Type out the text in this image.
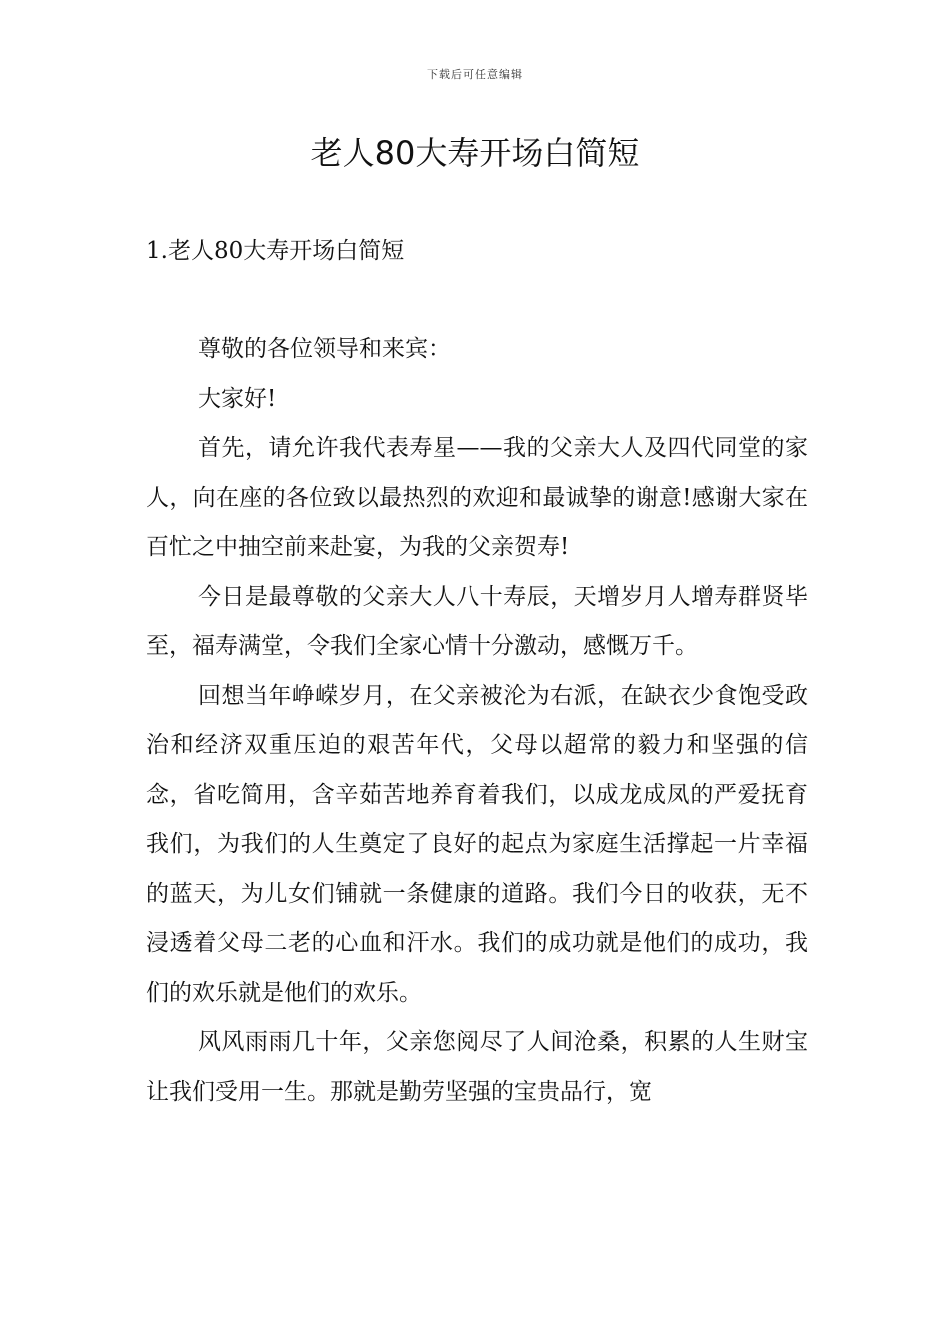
下载后可任意编辑
老人80大寿开场白简短
1.老人80大寿开场白简短

尊敬的各位领导和来宾：

大家好!

首先，请允许我代表寿星——我的父亲大人及四代同堂的家人，向在座的各位致以最热烈的欢迎和最诚挚的谢意!感谢大家在百忙之中抽空前来赴宴，为我的父亲贺寿!

今日是最尊敬的父亲大人八十寿辰，天增岁月人增寿群贤毕至，福寿满堂，令我们全家心情十分激动，感慨万千。

回想当年峥嵘岁月，在父亲被沦为右派，在缺衣少食饱受政治和经济双重压迫的艰苦年代，父母以超常的毅力和坚强的信念，省吃简用，含辛茹苦地养育着我们，以成龙成凤的严爱抚育我们，为我们的人生奠定了良好的起点为家庭生活撑起一片幸福的蓝天，为儿女们铺就一条健康的道路。我们今日的收获，无不浸透着父母二老的心血和汗水。我们的成功就是他们的成功，我们的欢乐就是他们的欢乐。

风风雨雨几十年，父亲您阅尽了人间沧桑，积累的人生财宝让我们受用一生。那就是勤劳坚强的宝贵品行，宽
